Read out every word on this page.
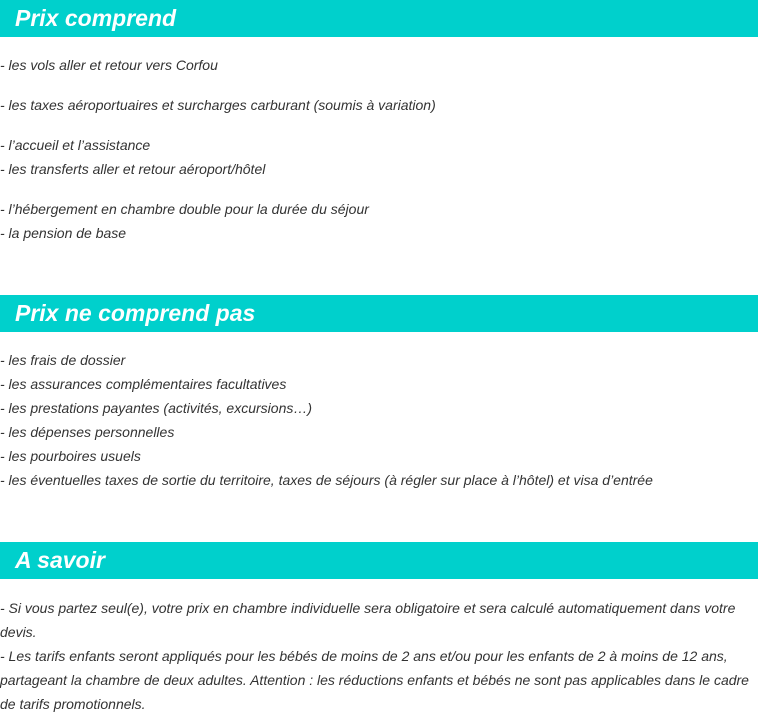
Prix comprend
- les vols aller et retour vers Corfou
- les taxes aéroportuaires et surcharges carburant (soumis à variation)
- l’accueil et l’assistance
- les transferts aller et retour aéroport/hôtel
- l’hébergement en chambre double pour la durée du séjour
- la pension de base
Prix ne comprend pas
- les frais de dossier
- les assurances complémentaires facultatives
- les prestations payantes (activités, excursions…)
- les dépenses personnelles
- les pourboires usuels
- les éventuelles taxes de sortie du territoire, taxes de séjours (à régler sur place à l’hôtel) et visa d’entrée
A savoir
- Si vous partez seul(e), votre prix en chambre individuelle sera obligatoire et sera calculé automatiquement dans votre devis.
- Les tarifs enfants seront appliqués pour les bébés de moins de 2 ans et/ou pour les enfants de 2 à moins de 12 ans, partageant la chambre de deux adultes. Attention : les réductions enfants et bébés ne sont pas applicables dans le cadre de tarifs promotionnels.
